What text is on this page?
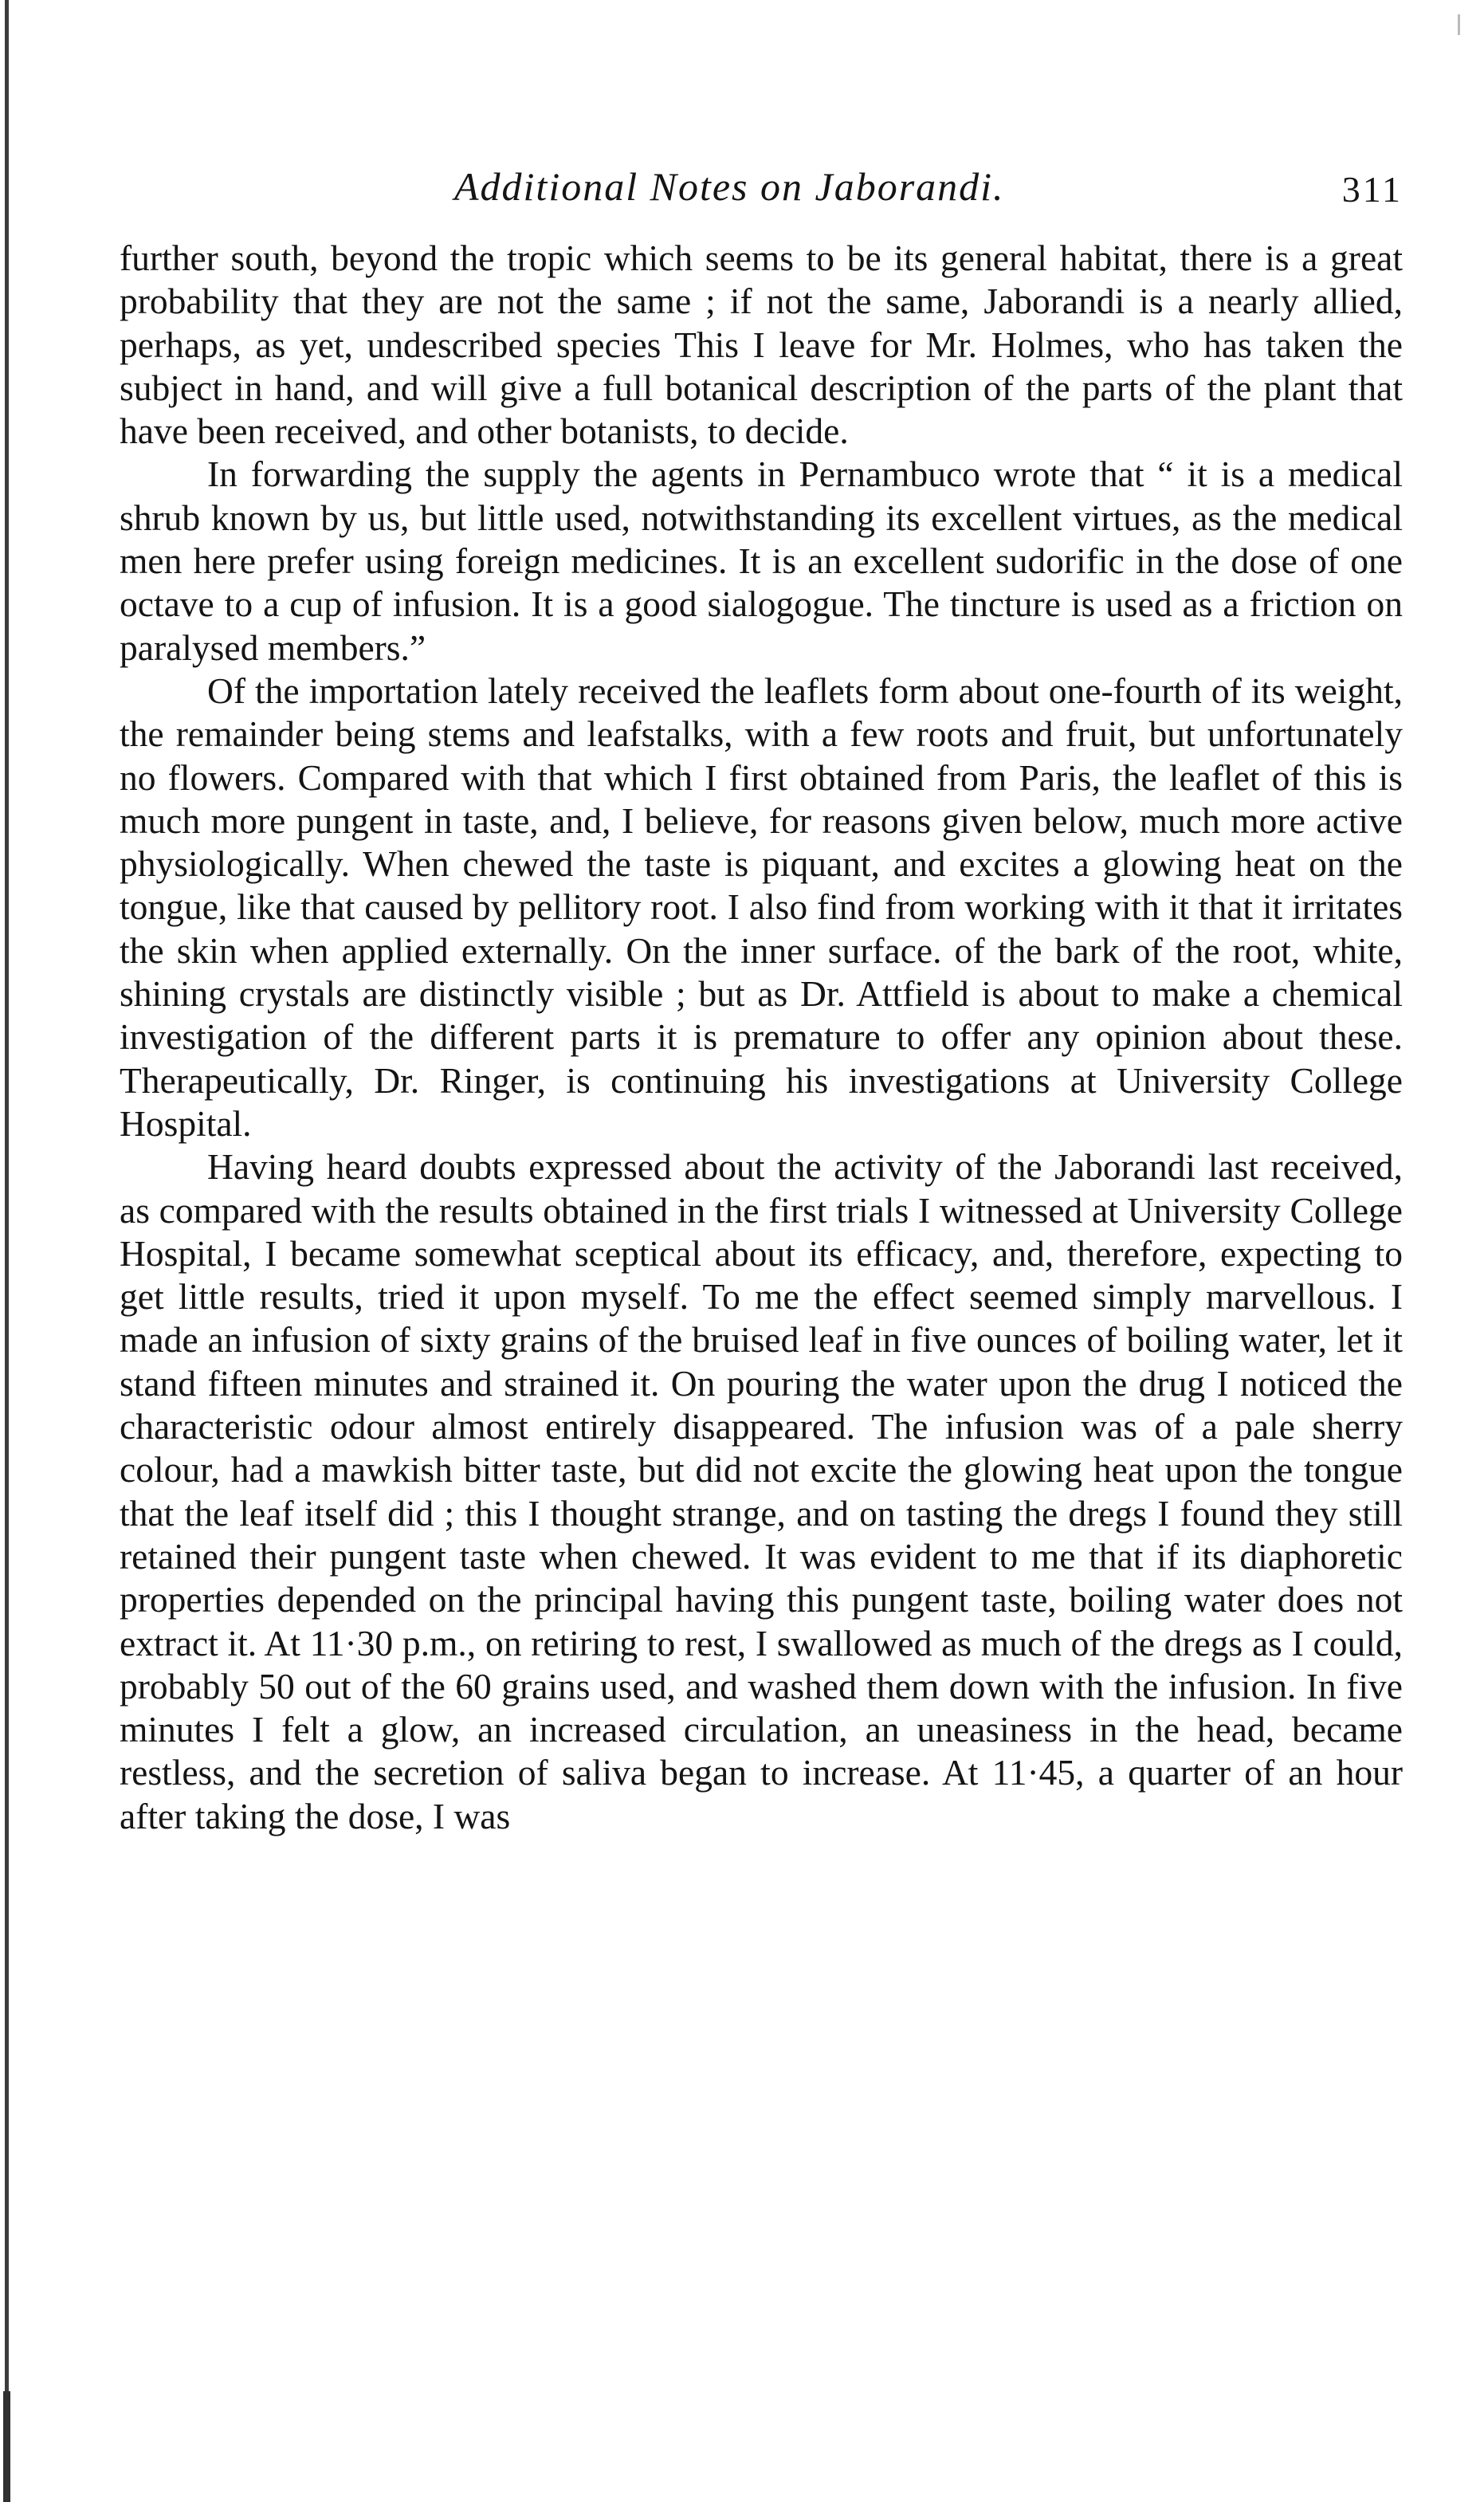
Additional Notes on Jaborandi.	311

further south, beyond the tropic which seems to be its general habitat, there is a great probability that they are not the same ; if not the same, Jaborandi is a nearly allied, perhaps, as yet, undescribed species This I leave for Mr. Holmes, who has taken the subject in hand, and will give a full botanical description of the parts of the plant that have been received, and other botanists, to decide.

In forwarding the supply the agents in Pernambuco wrote that “ it is a medical shrub known by us, but little used, notwithstanding its excellent virtues, as the medical men here prefer using foreign medicines. It is an excellent sudorific in the dose of one octave to a cup of infusion. It is a good sialogogue. The tincture is used as a friction on paralysed members.”

Of the importation lately received the leaflets form about one-fourth of its weight, the remainder being stems and leafstalks, with a few roots and fruit, but unfortunately no flowers. Compared with that which I first obtained from Paris, the leaflet of this is much more pungent in taste, and, I believe, for reasons given below, much more active physiologically. When chewed the taste is piquant, and excites a glowing heat on the tongue, like that caused by pellitory root. I also find from working with it that it irritates the skin when applied externally. On the inner surface. of the bark of the root, white, shining crystals are distinctly visible ; but as Dr. Attfield is about to make a chemical investigation of the different parts it is premature to offer any opinion about these. Therapeutically, Dr. Ringer, is continuing his investigations at University College Hospital.

Having heard doubts expressed about the activity of the Jaborandi last received, as compared with the results obtained in the first trials I witnessed at University College Hospital, I became somewhat sceptical about its efficacy, and, therefore, expecting to get little results, tried it upon myself. To me the effect seemed simply marvellous. I made an infusion of sixty grains of the bruised leaf in five ounces of boiling water, let it stand fifteen minutes and strained it. On pouring the water upon the drug I noticed the characteristic odour almost entirely disappeared. The infusion was of a pale sherry colour, had a mawkish bitter taste, but did not excite the glowing heat upon the tongue that the leaf itself did ; this I thought strange, and on tasting the dregs I found they still retained their pungent taste when chewed. It was evident to me that if its diaphoretic properties depended on the principal having this pungent taste, boiling water does not extract it. At 11·30 p.m., on retiring to rest, I swallowed as much of the dregs as I could, probably 50 out of the 60 grains used, and washed them down with the infusion. In five minutes I felt a glow, an increased circulation, an uneasiness in the head, became restless, and the secretion of saliva began to increase. At 11·45, a quarter of an hour after taking the dose, I was
